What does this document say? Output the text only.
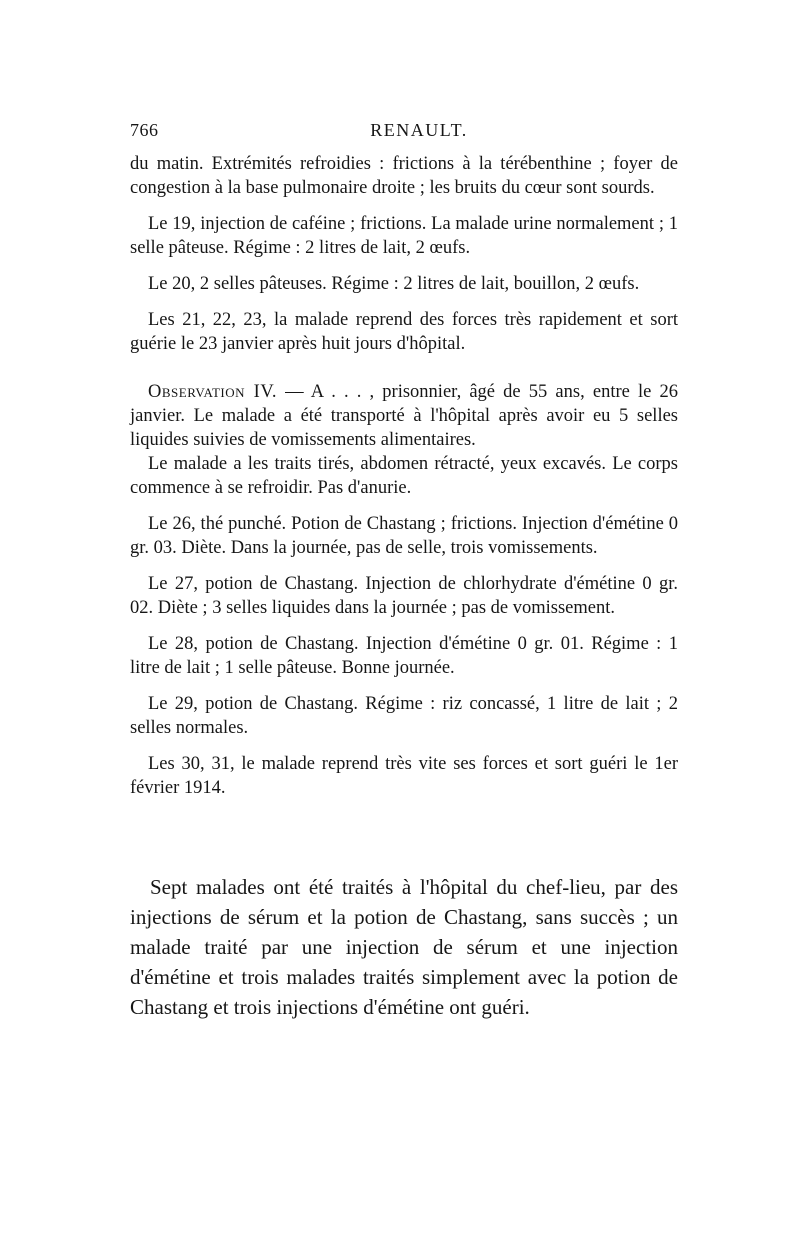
766	RENAULT.

du matin. Extrémités refroidies : frictions à la térébenthine ; foyer de congestion à la base pulmonaire droite ; les bruits du cœur sont sourds.

Le 19, injection de caféine ; frictions. La malade urine normalement ; 1 selle pâteuse. Régime : 2 litres de lait, 2 œufs.

Le 20, 2 selles pâteuses. Régime : 2 litres de lait, bouillon, 2 œufs.

Les 21, 22, 23, la malade reprend des forces très rapidement et sort guérie le 23 janvier après huit jours d'hôpital.

Observation IV. — A . . . , prisonnier, âgé de 55 ans, entre le 26 janvier. Le malade a été transporté à l'hôpital après avoir eu 5 selles liquides suivies de vomissements alimentaires.

Le malade a les traits tirés, abdomen rétracté, yeux excavés. Le corps commence à se refroidir. Pas d'anurie.

Le 26, thé punché. Potion de Chastang ; frictions. Injection d'émétine 0 gr. 03. Diète. Dans la journée, pas de selle, trois vomissements.

Le 27, potion de Chastang. Injection de chlorhydrate d'émétine 0 gr. 02. Diète ; 3 selles liquides dans la journée ; pas de vomissement.

Le 28, potion de Chastang. Injection d'émétine 0 gr. 01. Régime : 1 litre de lait ; 1 selle pâteuse. Bonne journée.

Le 29, potion de Chastang. Régime : riz concassé, 1 litre de lait ; 2 selles normales.

Les 30, 31, le malade reprend très vite ses forces et sort guéri le 1er février 1914.

Sept malades ont été traités à l'hôpital du chef-lieu, par des injections de sérum et la potion de Chastang, sans succès ; un malade traité par une injection de sérum et une injection d'émétine et trois malades traités simplement avec la potion de Chastang et trois injections d'émétine ont guéri.
